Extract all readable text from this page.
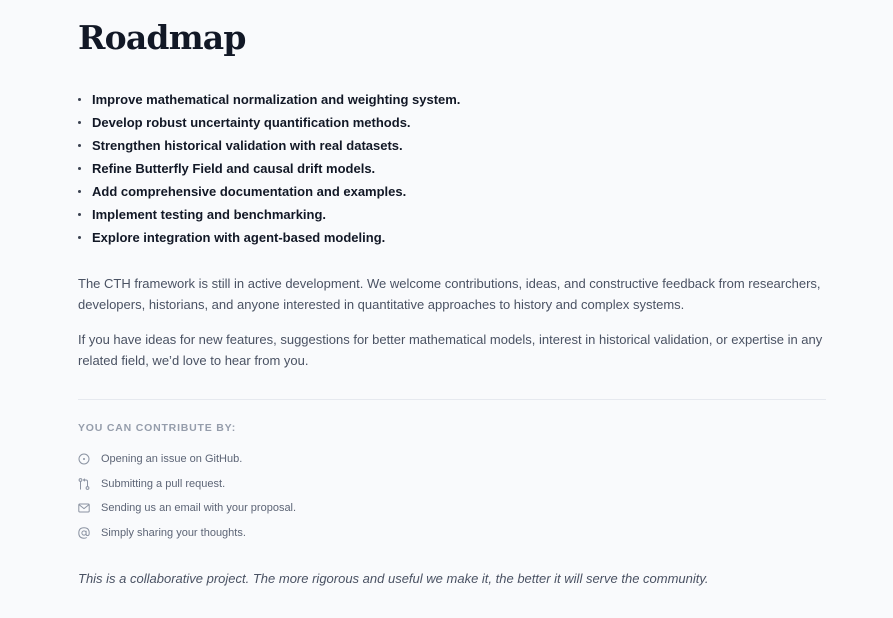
Roadmap
Improve mathematical normalization and weighting system.
Develop robust uncertainty quantification methods.
Strengthen historical validation with real datasets.
Refine Butterfly Field and causal drift models.
Add comprehensive documentation and examples.
Implement testing and benchmarking.
Explore integration with agent-based modeling.

The CTH framework is still in active development. We welcome contributions, ideas, and constructive feedback from researchers, developers, historians, and anyone interested in quantitative approaches to history and complex systems.

If you have ideas for new features, suggestions for better mathematical models, interest in historical validation, or expertise in any related field, we’d love to hear from you.

YOU CAN CONTRIBUTE BY:
Opening an issue on GitHub.
Submitting a pull request.
Sending us an email with your proposal.
Simply sharing your thoughts.

This is a collaborative project. The more rigorous and useful we make it, the better it will serve the community.
